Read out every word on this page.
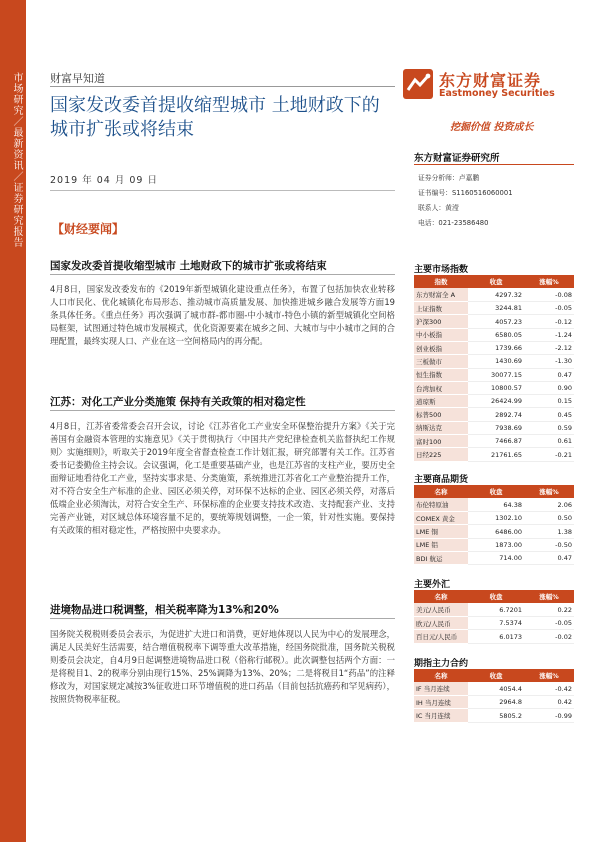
市场研究／最新资讯／证券研究报告	财富早知道
国家发改委首提收缩型城市 土地财政下的城市扩张或将结束
东方财富证券
Eastmoney Securities
挖掘价值 投资成长
2019 年 04 月 09 日
【财经要闻】
国家发改委首提收缩型城市 土地财政下的城市扩张或将结束
4月8日，国家发改委发布的《2019年新型城镇化建设重点任务》，布置了包括加快农业转移人口市民化、优化城镇化布局形态、推动城市高质量发展、加快推进城乡融合发展等方面19条具体任务。《重点任务》再次强调了城市群-都市圈-中小城市-特色小镇的新型城镇化空间格局框架，试图通过特色城市发展模式，优化资源要素在城乡之间、大城市与中小城市之间的合理配置，最终实现人口、产业在这一空间格局内的再分配。
江苏：对化工产业分类施策 保持有关政策的相对稳定性
4月8日，江苏省委常委会召开会议，讨论《江苏省化工产业安全环保整治提升方案》《关于完善国有金融资本管理的实施意见》《关于贯彻执行〈中国共产党纪律检查机关监督执纪工作规则〉实施细则》，听取关于2019年度全省督查检查工作计划汇报，研究部署有关工作。江苏省委书记娄勤俭主持会议。会议强调，化工是重要基础产业，也是江苏省的支柱产业，要历史全面辩证地看待化工产业，坚持实事求是、分类施策，系统推进江苏省化工产业整治提升工作，对不符合安全生产标准的企业、园区必须关停，对环保不达标的企业、园区必须关停，对落后低端企业必须淘汰，对符合安全生产、环保标准的企业要支持技术改造、支持配套产业、支持完善产业链，对区域总体环境容量不足的，要统筹规划调整，一企一策，针对性实施。要保持有关政策的相对稳定性，严格按照中央要求办。
进境物品进口税调整，相关税率降为13%和20%
国务院关税税则委员会表示，为促进扩大进口和消费，更好地体现以人民为中心的发展理念，满足人民美好生活需要，结合增值税税率下调等重大改革措施，经国务院批准，国务院关税税则委员会决定，自4月9日起调整进境物品进口税（俗称行邮税）。此次调整包括两个方面：一是将税目1、2的税率分别由现行15%、25%调降为13%、20%；二是将税目1“药品”的注释修改为，对国家规定减按3%征收进口环节增值税的进口药品（目前包括抗癌药和罕见病药），按照货物税率征税。
东方财富证券研究所
证券分析师：卢嘉鹏
证书编号：S1160516060001
联系人：黄滢
电话：021-23586480
主要市场指数
指数	收盘	涨幅%
东方财富全 A	4297.32	-0.08
上证指数	3244.81	-0.05
沪深300	4057.23	-0.12
中小板指	6580.05	-1.24
创业板指	1739.66	-2.12
三板做市	1430.69	-1.30
恒生指数	30077.15	0.47
台湾加权	10800.57	0.90
道琼斯	26424.99	0.15
标普500	2892.74	0.45
纳斯达克	7938.69	0.59
富时100	7466.87	0.61
日经225	21761.65	-0.21
主要商品期货
名称	收盘	涨幅%
布伦特原油	64.38	2.06
COMEX 黄金	1302.10	0.50
LME 铜	6486.00	1.38
LME 铝	1873.00	-0.50
BDI 航运	714.00	0.47
主要外汇
名称	收盘	涨幅%
美元/人民币	6.7201	0.22
欧元/人民币	7.5374	-0.05
百日元/人民币	6.0173	-0.02
期指主力合约
名称	收盘	涨幅%
IF 当月连续	4054.4	-0.42
IH 当月连续	2964.8	0.42
IC 当月连续	5805.2	-0.99
